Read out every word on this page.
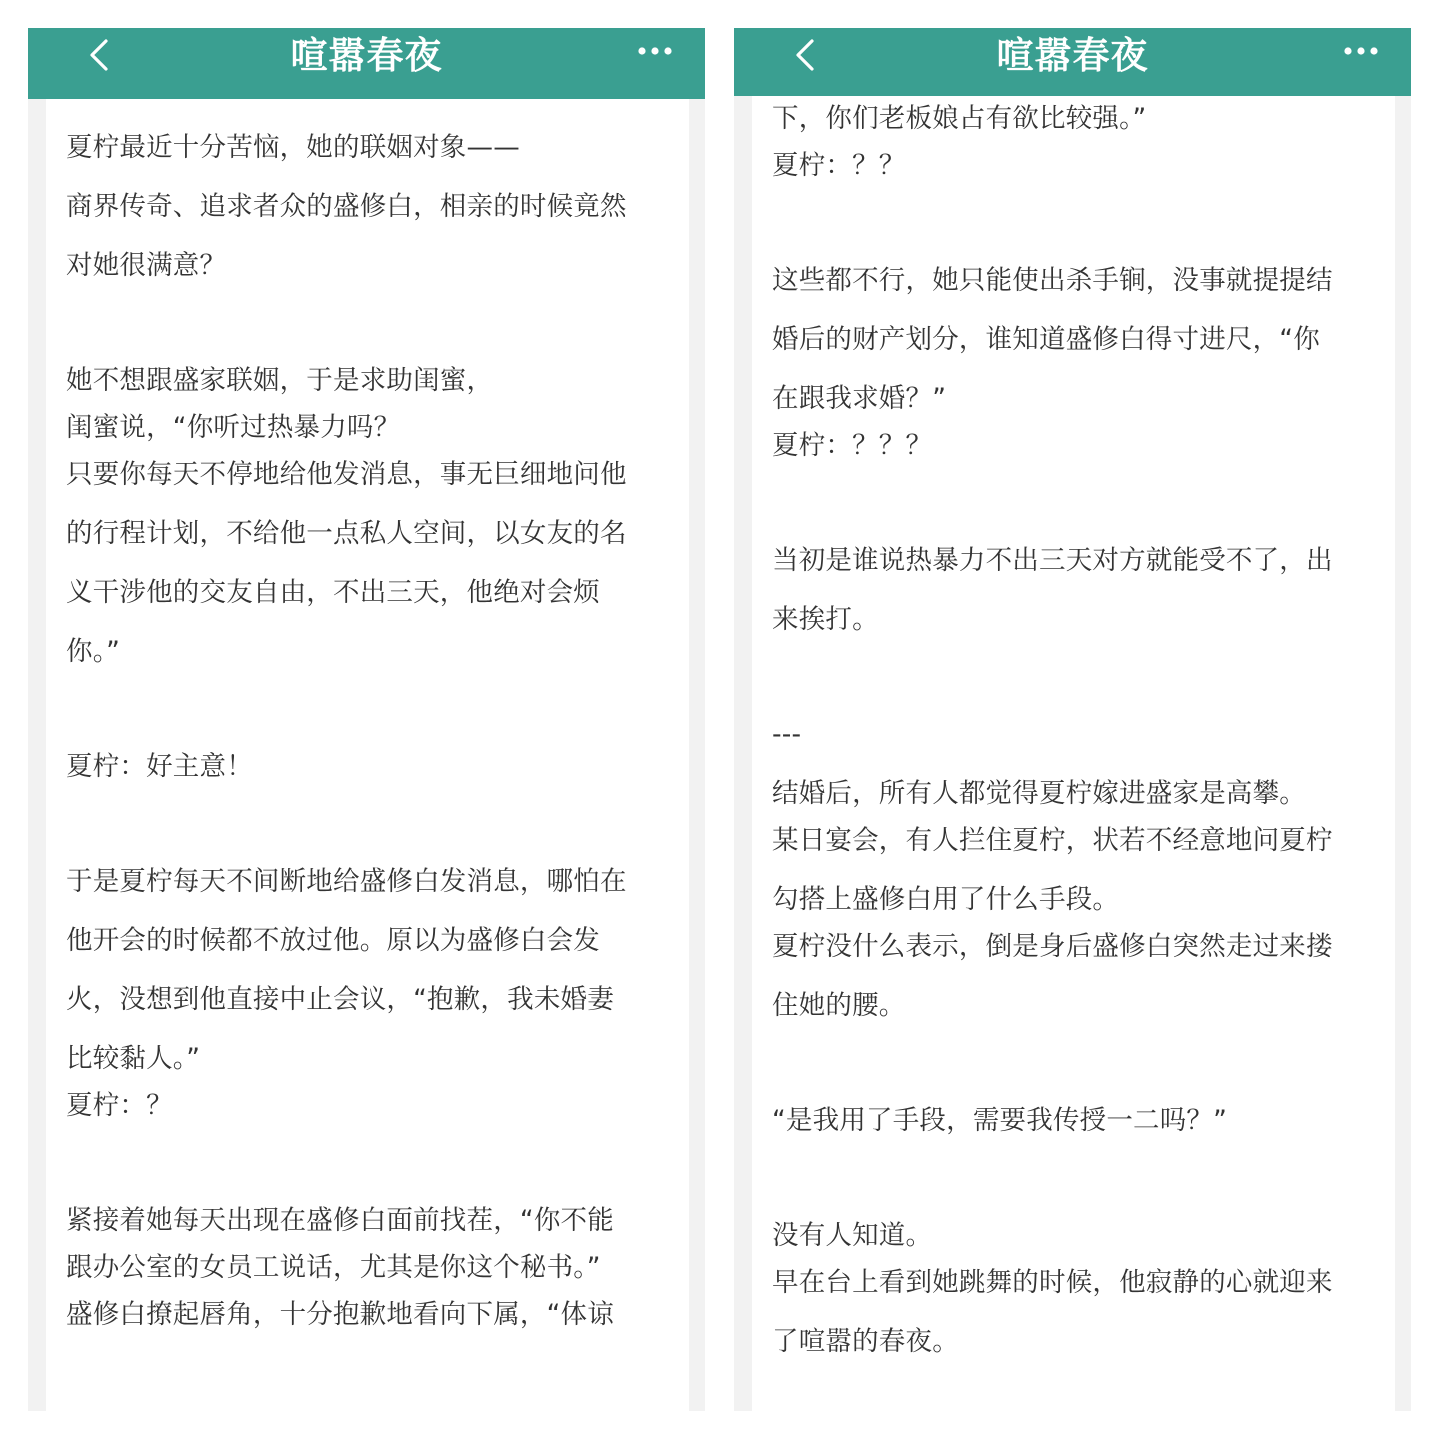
喧嚣春夜
夏柠最近十分苦恼，她的联姻对象——
商界传奇、追求者众的盛修白，相亲的时候竟然
对她很满意？
她不想跟盛家联姻，于是求助闺蜜，
闺蜜说，“你听过热暴力吗？
只要你每天不停地给他发消息，事无巨细地问他
的行程计划，不给他一点私人空间，以女友的名
义干涉他的交友自由，不出三天，他绝对会烦
你。”
夏柠：好主意！
于是夏柠每天不间断地给盛修白发消息，哪怕在
他开会的时候都不放过他。原以为盛修白会发
火，没想到他直接中止会议，“抱歉，我未婚妻
比较黏人。”
夏柠：？
紧接着她每天出现在盛修白面前找茬，“你不能
跟办公室的女员工说话，尤其是你这个秘书。”
盛修白撩起唇角，十分抱歉地看向下属，“体谅
喧嚣春夜
下，你们老板娘占有欲比较强。”
夏柠：？？
这些都不行，她只能使出杀手锏，没事就提提结
婚后的财产划分，谁知道盛修白得寸进尺，“你
在跟我求婚？”
夏柠：？？？
当初是谁说热暴力不出三天对方就能受不了，出
来挨打。
---
结婚后，所有人都觉得夏柠嫁进盛家是高攀。
某日宴会，有人拦住夏柠，状若不经意地问夏柠
勾搭上盛修白用了什么手段。
夏柠没什么表示，倒是身后盛修白突然走过来搂
住她的腰。
“是我用了手段，需要我传授一二吗？”
没有人知道。
早在台上看到她跳舞的时候，他寂静的心就迎来
了喧嚣的春夜。
